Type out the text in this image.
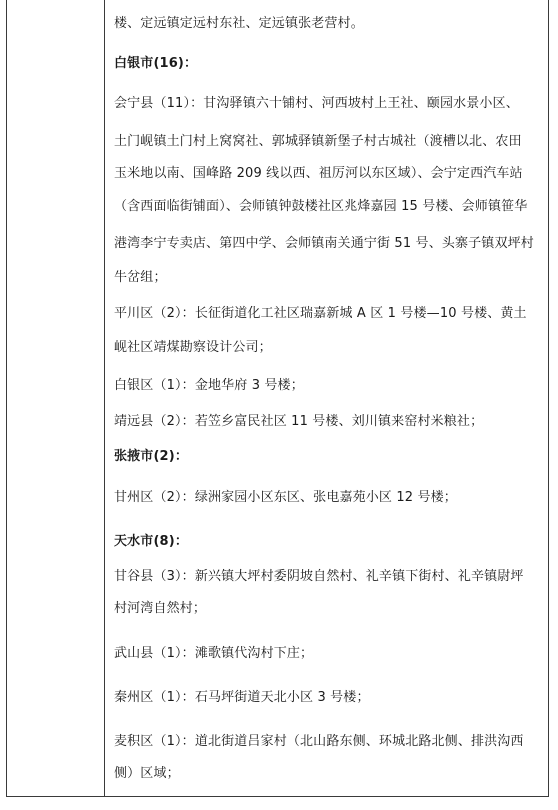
楼、定远镇定远村东社、定远镇张老营村。
白银市(16)：
会宁县（11）：甘沟驿镇六十铺村、河西坡村上王社、颐园水景小区、
土门岘镇土门村上窝窝社、郭城驿镇新堡子村古城社（渡槽以北、农田
玉米地以南、国峰路 209 线以西、祖厉河以东区域）、会宁定西汽车站
（含西面临街铺面）、会师镇钟鼓楼社区兆烽嘉园 15 号楼、会师镇笹华
港湾李宁专卖店、第四中学、会师镇南关通宁街 51 号、头寨子镇双坪村
牛岔组；
平川区（2）：长征街道化工社区瑞嘉新城 A 区 1 号楼—10 号楼、黄土
岘社区靖煤勘察设计公司；
白银区（1）：金地华府 3 号楼；
靖远县（2）：若笠乡富民社区 11 号楼、刘川镇来窑村米粮社；
张掖市(2)：
甘州区（2）：绿洲家园小区东区、张电嘉苑小区 12 号楼；
天水市(8)：
甘谷县（3）：新兴镇大坪村委阴坡自然村、礼辛镇下街村、礼辛镇尉坪
村河湾自然村；
武山县（1）：滩歌镇代沟村下庄；
秦州区（1）：石马坪街道天北小区 3 号楼；
麦积区（1）：道北街道吕家村（北山路东侧、环城北路北侧、排洪沟西
侧）区域；
